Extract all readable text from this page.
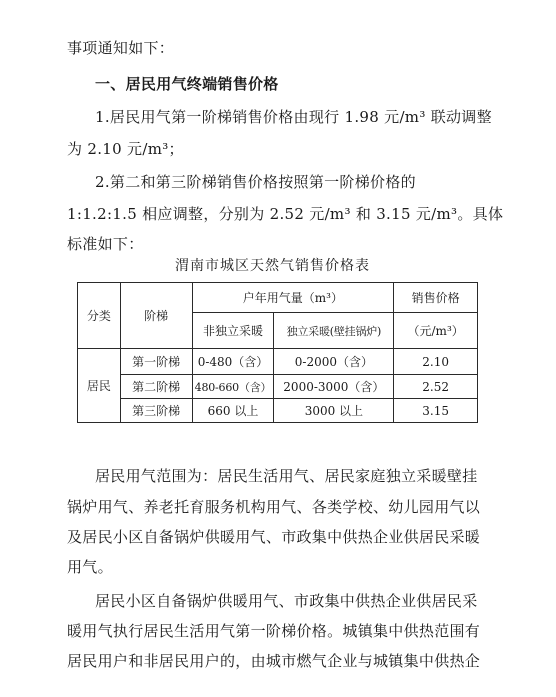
事项通知如下：
一、居民用气终端销售价格
1.居民用气第一阶梯销售价格由现行 1.98 元/m³ 联动调整
为 2.10 元/m³；
2.第二和第三阶梯销售价格按照第一阶梯价格的
1:1.2:1.5 相应调整，分别为 2.52 元/m³ 和 3.15 元/m³。具体
标准如下：
渭南市城区天然气销售价格表
分类	阶梯	户年用气量（m³）		销售价格
		非独立采暖	独立采暖(壁挂锅炉)	（元/m³）
居民	第一阶梯	0-480（含）	0-2000（含）	2.10
	第二阶梯	480-660（含）	2000-3000（含）	2.52
	第三阶梯	660 以上	3000 以上	3.15
居民用气范围为：居民生活用气、居民家庭独立采暖壁挂
锅炉用气、养老托育服务机构用气、各类学校、幼儿园用气以
及居民小区自备锅炉供暖用气、市政集中供热企业供居民采暖
用气。
居民小区自备锅炉供暖用气、市政集中供热企业供居民采
暖用气执行居民生活用气第一阶梯价格。城镇集中供热范围有
居民用户和非居民用户的，由城市燃气企业与城镇集中供热企
